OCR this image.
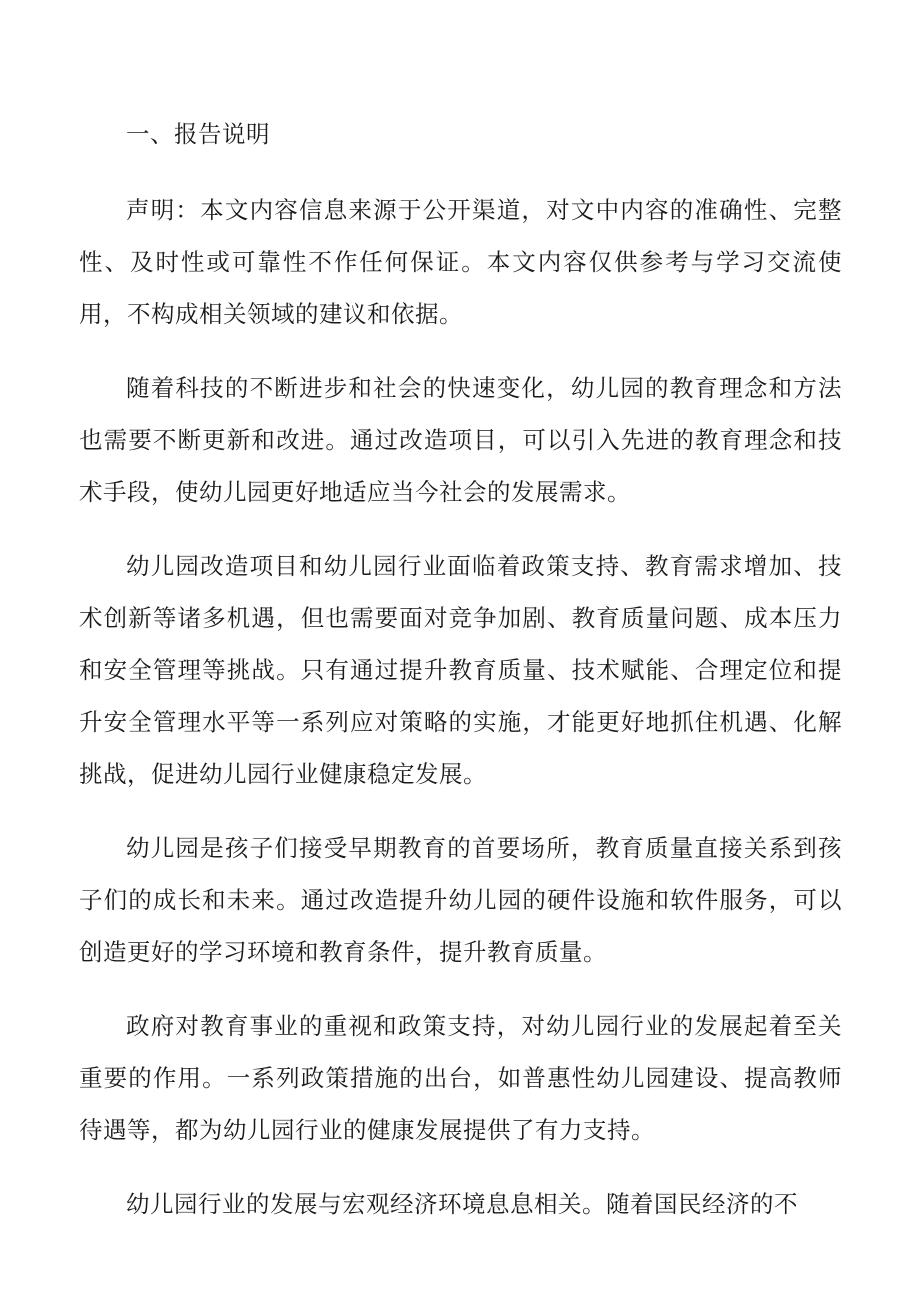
一、报告说明

声明：本文内容信息来源于公开渠道，对文中内容的准确性、完整性、及时性或可靠性不作任何保证。本文内容仅供参考与学习交流使用，不构成相关领域的建议和依据。

随着科技的不断进步和社会的快速变化，幼儿园的教育理念和方法也需要不断更新和改进。通过改造项目，可以引入先进的教育理念和技术手段，使幼儿园更好地适应当今社会的发展需求。

幼儿园改造项目和幼儿园行业面临着政策支持、教育需求增加、技术创新等诸多机遇，但也需要面对竞争加剧、教育质量问题、成本压力和安全管理等挑战。只有通过提升教育质量、技术赋能、合理定位和提升安全管理水平等一系列应对策略的实施，才能更好地抓住机遇、化解挑战，促进幼儿园行业健康稳定发展。

幼儿园是孩子们接受早期教育的首要场所，教育质量直接关系到孩子们的成长和未来。通过改造提升幼儿园的硬件设施和软件服务，可以创造更好的学习环境和教育条件，提升教育质量。

政府对教育事业的重视和政策支持，对幼儿园行业的发展起着至关重要的作用。一系列政策措施的出台，如普惠性幼儿园建设、提高教师待遇等，都为幼儿园行业的健康发展提供了有力支持。

幼儿园行业的发展与宏观经济环境息息相关。随着国民经济的不
